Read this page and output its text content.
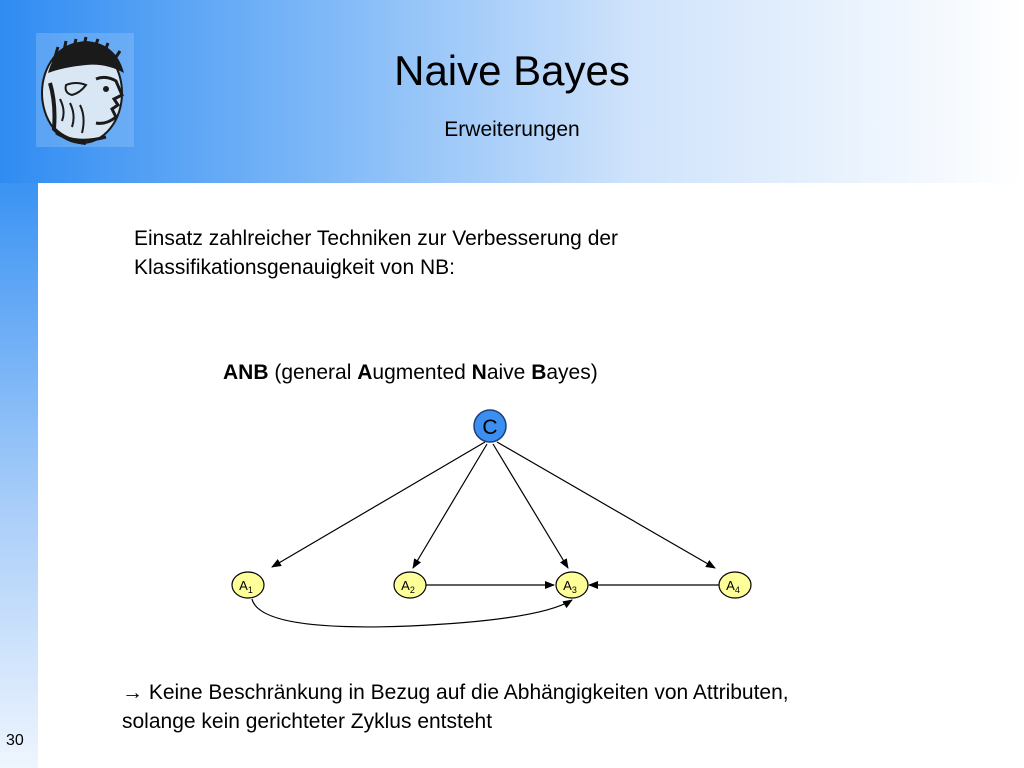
Naive Bayes
Erweiterungen
Einsatz zahlreicher Techniken zur Verbesserung der
Klassifikationsgenauigkeit von NB:
ANB (general Augmented Naive Bayes)
C
$A_1$	$A_2$	$A_3$	$A_4$
→ Keine Beschränkung in Bezug auf die Abhängigkeiten von Attributen,
solange kein gerichteter Zyklus entsteht
30
